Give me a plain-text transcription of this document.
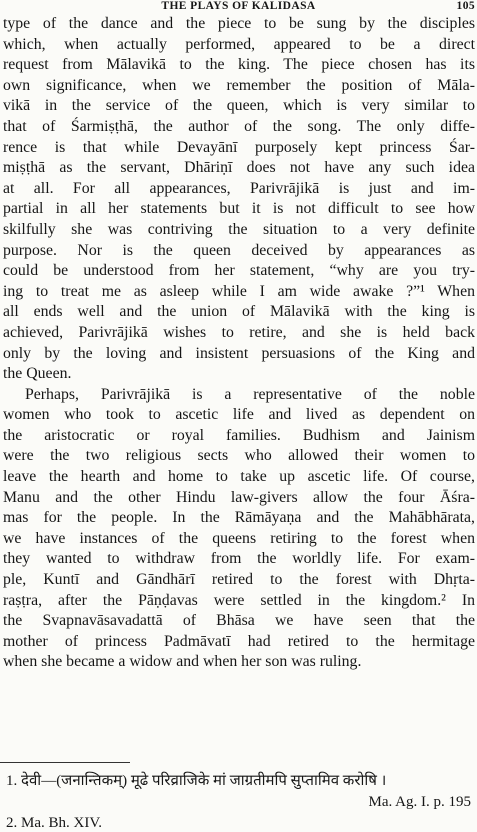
THE PLAYS OF KALIDASA	105
type of the dance and the piece to be sung by the disciples
which, when actually performed, appeared to be a direct
request from Mālavikā to the king. The piece chosen has its
own significance, when we remember the position of Māla-
vikā in the service of the queen, which is very similar to
that of Śarmiṣṭhā, the author of the song. The only diffe-
rence is that while Devayānī purposely kept princess Śar-
miṣṭhā as the servant, Dhāriṇī does not have any such idea
at all. For all appearances, Parivrājikā is just and im-
partial in all her statements but it is not difficult to see how
skilfully she was contriving the situation to a very definite
purpose. Nor is the queen deceived by appearances as
could be understood from her statement, “why are you try-
ing to treat me as asleep while I am wide awake ?”¹ When
all ends well and the union of Mālavikā with the king is
achieved, Parivrājikā wishes to retire, and she is held back
only by the loving and insistent persuasions of the King and
the Queen.
Perhaps, Parivrājikā is a representative of the noble
women who took to ascetic life and lived as dependent on
the aristocratic or royal families. Budhism and Jainism
were the two religious sects who allowed their women to
leave the hearth and home to take up ascetic life. Of course,
Manu and the other Hindu law-givers allow the four Āśra-
mas for the people. In the Rāmāyaṇa and the Mahābhārata,
we have instances of the queens retiring to the forest when
they wanted to withdraw from the worldly life. For exam-
ple, Kuntī and Gāndhārī retired to the forest with Dhṛta-
raṣṭra, after the Pāṇḍavas were settled in the kingdom.² In
the Svapnavāsavadattā of Bhāsa we have seen that the
mother of princess Padmāvatī had retired to the hermitage
when she became a widow and when her son was ruling.
1. देवी—(जनान्तिकम्) मूढे परिव्राजिके मां जाग्रतीमपि सुप्तामिव करोषि ।
Ma. Ag. I. p. 195
2. Ma. Bh. XIV.
